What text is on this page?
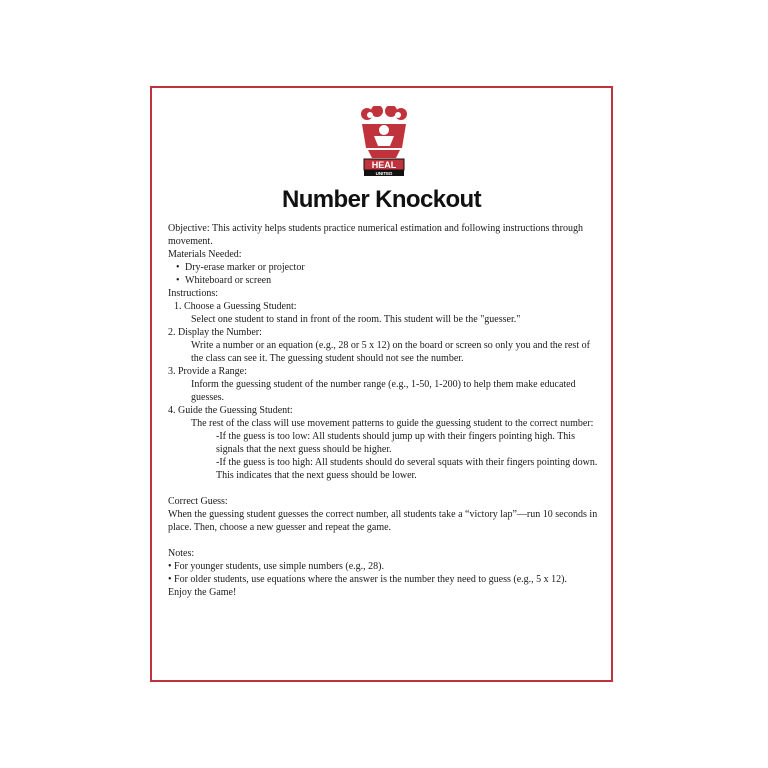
HEAL
UNITED
Number Knockout

Objective: This activity helps students practice numerical estimation and following instructions through movement.

Materials Needed:
• Dry-erase marker or projector
• Whiteboard or screen
Instructions:
1. Choose a Guessing Student:
Select one student to stand in front of the room. This student will be the "guesser."
2. Display the Number:
Write a number or an equation (e.g., 28 or 5 x 12) on the board or screen so only you and the rest of the class can see it. The guessing student should not see the number.
3. Provide a Range:
Inform the guessing student of the number range (e.g., 1-50, 1-200) to help them make educated guesses.
4. Guide the Guessing Student:
The rest of the class will use movement patterns to guide the guessing student to the correct number:
-If the guess is too low: All students should jump up with their fingers pointing high. This signals that the next guess should be higher.
-If the guess is too high: All students should do several squats with their fingers pointing down. This indicates that the next guess should be lower.
Correct Guess:

When the guessing student guesses the correct number, all students take a “victory lap”—run 10 seconds in place. Then, choose a new guesser and repeat the game.

Notes:
• For younger students, use simple numbers (e.g., 28).
• For older students, use equations where the answer is the number they need to guess (e.g., 5 x 12).
Enjoy the Game!
